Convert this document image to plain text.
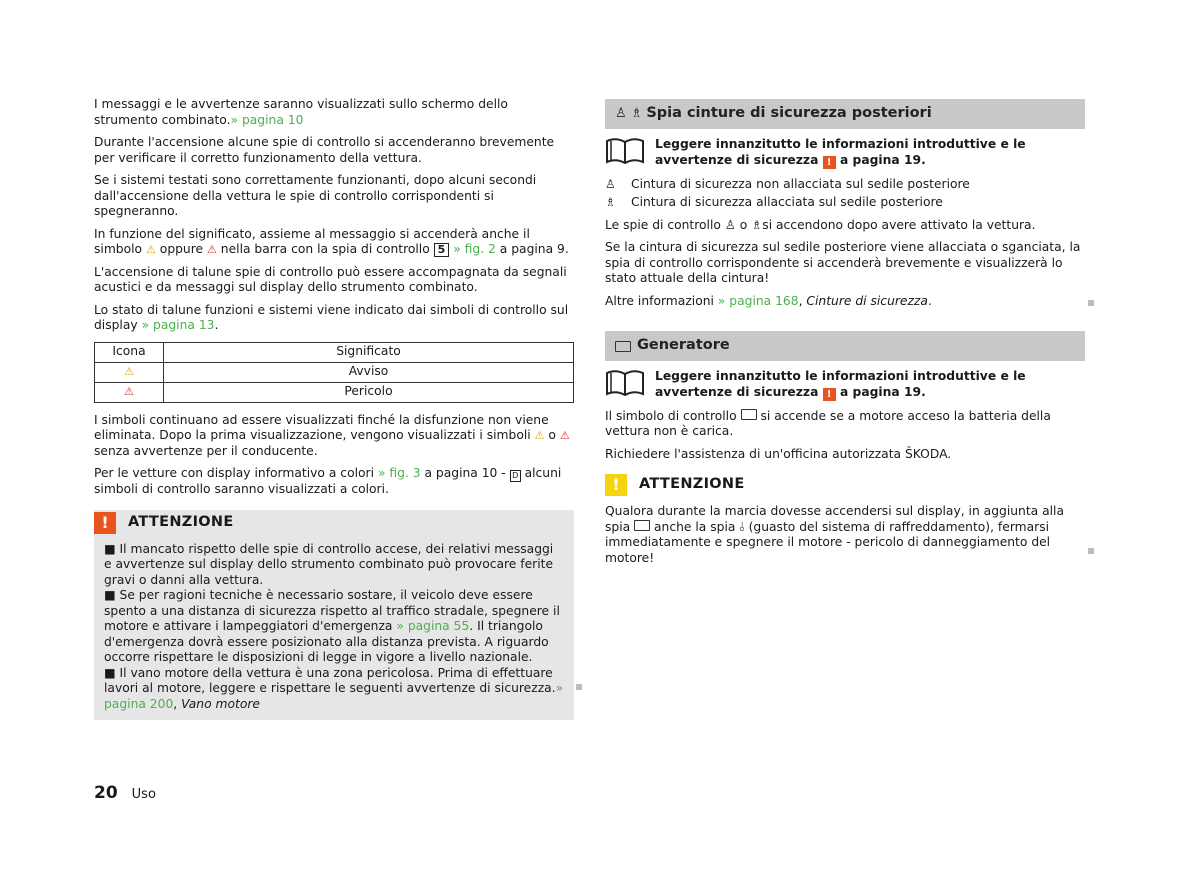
I messaggi e le avvertenze saranno visualizzati sullo schermo dello strumento combinato.» pagina 10

Durante l'accensione alcune spie di controllo si accenderanno brevemente per verificare il corretto funzionamento della vettura.

Se i sistemi testati sono correttamente funzionanti, dopo alcuni secondi dall'accensione della vettura le spie di controllo corrispondenti si spegneranno.

In funzione del significato, assieme al messaggio si accenderà anche il simbolo ⚠ oppure ⚠ nella barra con la spia di controllo 5 » fig. 2 a pagina 9.

L'accensione di talune spie di controllo può essere accompagnata da segnali acustici e da messaggi sul display dello strumento combinato.

Lo stato di talune funzioni e sistemi viene indicato dai simboli di controllo sul display » pagina 13.

Icona	Significato
⚠	Avviso
⚠	Pericolo

I simboli continuano ad essere visualizzati finché la disfunzione non viene eliminata. Dopo la prima visualizzazione, vengono visualizzati i simboli ⚠ o ⚠ senza avvertenze per il conducente.

Per le vetture con display informativo a colori » fig. 3 a pagina 10 - D alcuni simboli di controllo saranno visualizzati a colori.

!	ATTENZIONE

■ Il mancato rispetto delle spie di controllo accese, dei relativi messaggi e avvertenze sul display dello strumento combinato può provocare ferite gravi o danni alla vettura.

■ Se per ragioni tecniche è necessario sostare, il veicolo deve essere spento a una distanza di sicurezza rispetto al traffico stradale, spegnere il motore e attivare i lampeggiatori d'emergenza » pagina 55. Il triangolo d'emergenza dovrà essere posizionato alla distanza prevista. A riguardo occorre rispettare le disposizioni di legge in vigore a livello nazionale.

■ Il vano motore della vettura è una zona pericolosa. Prima di effettuare lavori al motore, leggere e rispettare le seguenti avvertenze di sicurezza.» pagina 200, Vano motore

♙ ♗ Spia cinture di sicurezza posteriori
Leggere innanzitutto le informazioni introduttive e le avvertenze di sicurezza ! a pagina 19.
♙	Cintura di sicurezza non allacciata sul sedile posteriore
♗	Cintura di sicurezza allacciata sul sedile posteriore

Le spie di controllo ♙ o ♗si accendono dopo avere attivato la vettura.

Se la cintura di sicurezza sul sedile posteriore viene allacciata o sganciata, la spia di controllo corrispondente si accenderà brevemente e visualizzerà lo stato attuale della cintura!

Altre informazioni » pagina 168, Cinture di sicurezza.

Generatore
Leggere innanzitutto le informazioni introduttive e le avvertenze di sicurezza ! a pagina 19.

Il simbolo di controllo si accende se a motore acceso la batteria della vettura non è carica.

Richiedere l'assistenza di un'officina autorizzata ŠKODA.

!	ATTENZIONE

Qualora durante la marcia dovesse accendersi sul display, in aggiunta alla spia anche la spia ⫰ (guasto del sistema di raffreddamento), fermarsi immediatamente e spegnere il motore - pericolo di danneggiamento del motore!

20 Uso
